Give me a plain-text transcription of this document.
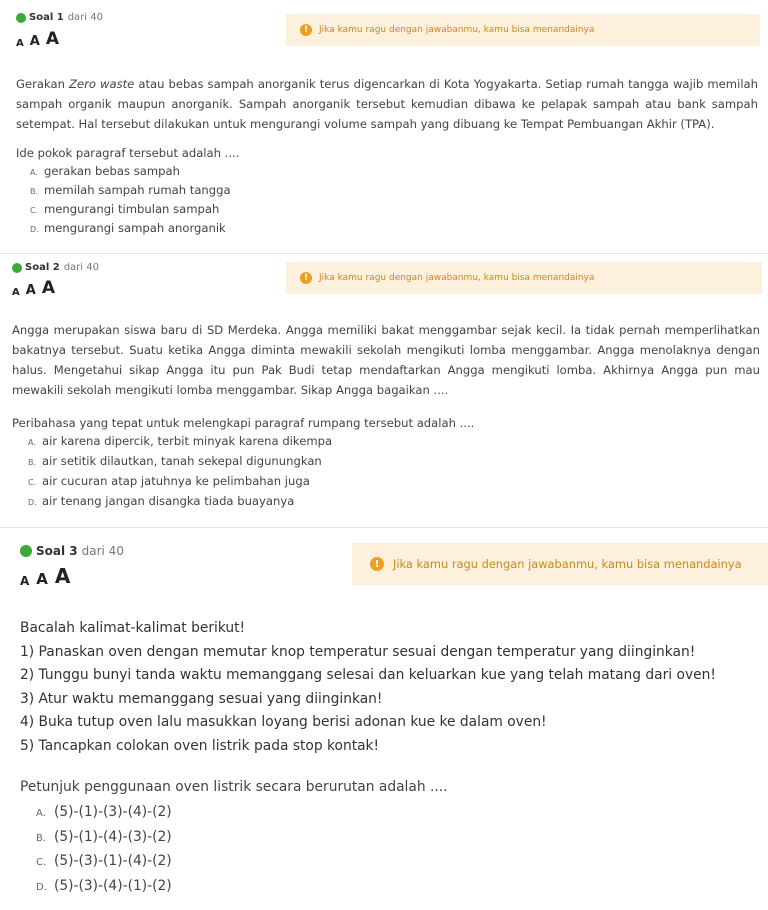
Soal 1 dari 40
A A A	!	Jika kamu ragu dengan jawabanmu, kamu bisa menandainya

Gerakan Zero waste atau bebas sampah anorganik terus digencarkan di Kota Yogyakarta. Setiap rumah tangga wajib memilah sampah organik maupun anorganik. Sampah anorganik tersebut kemudian dibawa ke pelapak sampah atau bank sampah setempat. Hal tersebut dilakukan untuk mengurangi volume sampah yang dibuang ke Tempat Pembuangan Akhir (TPA).

Ide pokok paragraf tersebut adalah ....
A. gerakan bebas sampah
B. memilah sampah rumah tangga
C. mengurangi timbulan sampah
D. mengurangi sampah anorganik
Soal 2 dari 40
A A A	!	Jika kamu ragu dengan jawabanmu, kamu bisa menandainya

Angga merupakan siswa baru di SD Merdeka. Angga memiliki bakat menggambar sejak kecil. Ia tidak pernah memperlihatkan bakatnya tersebut. Suatu ketika Angga diminta mewakili sekolah mengikuti lomba menggambar. Angga menolaknya dengan halus. Mengetahui sikap Angga itu pun Pak Budi tetap mendaftarkan Angga mengikuti lomba. Akhirnya Angga pun mau mewakili sekolah mengikuti lomba menggambar. Sikap Angga bagaikan ....

Peribahasa yang tepat untuk melengkapi paragraf rumpang tersebut adalah ....
A. air karena dipercik, terbit minyak karena dikempa
B. air setitik dilautkan, tanah sekepal digunungkan
C. air cucuran atap jatuhnya ke pelimbahan juga
D. air tenang jangan disangka tiada buayanya
Soal 3 dari 40
A A A	!	Jika kamu ragu dengan jawabanmu, kamu bisa menandainya
Bacalah kalimat-kalimat berikut!
1) Panaskan oven dengan memutar knop temperatur sesuai dengan temperatur yang diinginkan!
2) Tunggu bunyi tanda waktu memanggang selesai dan keluarkan kue yang telah matang dari oven!
3) Atur waktu memanggang sesuai yang diinginkan!
4) Buka tutup oven lalu masukkan loyang berisi adonan kue ke dalam oven!
5) Tancapkan colokan oven listrik pada stop kontak!
Petunjuk penggunaan oven listrik secara berurutan adalah ....
A. (5)-(1)-(3)-(4)-(2)
B. (5)-(1)-(4)-(3)-(2)
C. (5)-(3)-(1)-(4)-(2)
D. (5)-(3)-(4)-(1)-(2)
